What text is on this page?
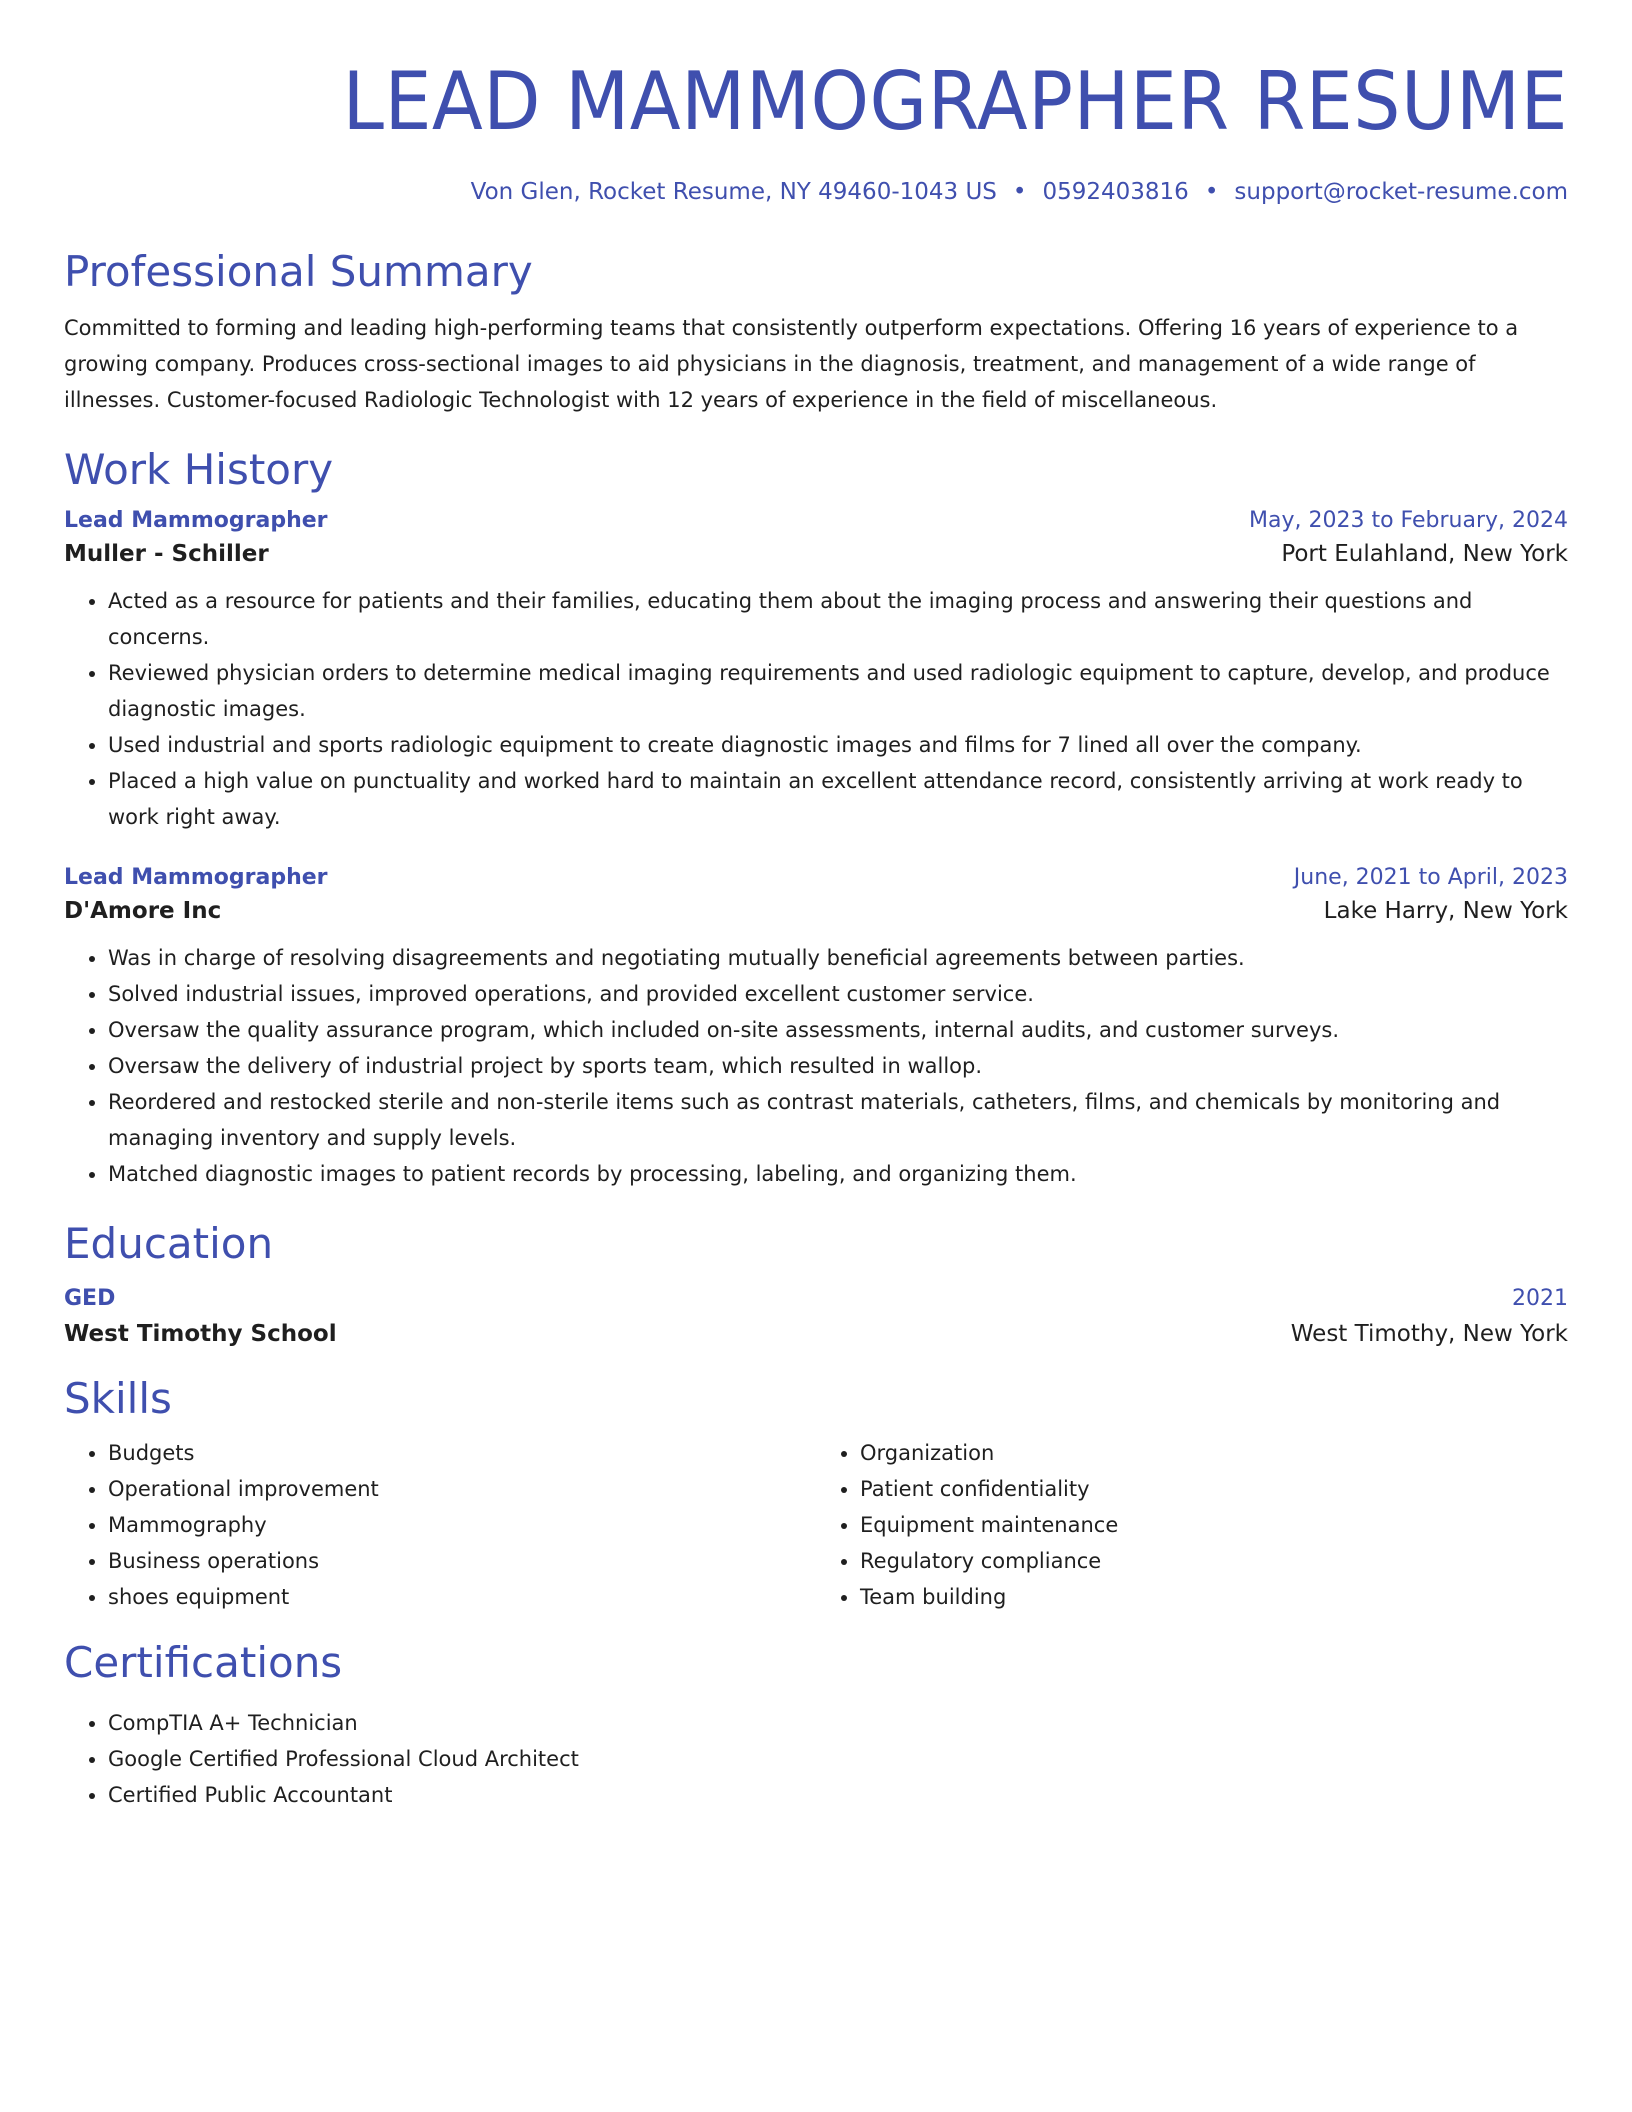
LEAD MAMMOGRAPHER RESUME
Von Glen, Rocket Resume, NY 49460-1043 US • 0592403816 • support@rocket-resume.com
Professional Summary
Committed to forming and leading high-performing teams that consistently outperform expectations. Offering 16 years of experience to a growing company. Produces cross-sectional images to aid physicians in the diagnosis, treatment, and management of a wide range of illnesses. Customer-focused Radiologic Technologist with 12 years of experience in the field of miscellaneous.
Work History
Lead Mammographer	May, 2023 to February, 2024
Muller - Schiller	Port Eulahland, New York
• Acted as a resource for patients and their families, educating them about the imaging process and answering their questions and concerns.
• Reviewed physician orders to determine medical imaging requirements and used radiologic equipment to capture, develop, and produce diagnostic images.
• Used industrial and sports radiologic equipment to create diagnostic images and films for 7 lined all over the company.
• Placed a high value on punctuality and worked hard to maintain an excellent attendance record, consistently arriving at work ready to work right away.
Lead Mammographer	June, 2021 to April, 2023
D'Amore Inc	Lake Harry, New York
• Was in charge of resolving disagreements and negotiating mutually beneficial agreements between parties.
• Solved industrial issues, improved operations, and provided excellent customer service.
• Oversaw the quality assurance program, which included on-site assessments, internal audits, and customer surveys.
• Oversaw the delivery of industrial project by sports team, which resulted in wallop.
• Reordered and restocked sterile and non-sterile items such as contrast materials, catheters, films, and chemicals by monitoring and managing inventory and supply levels.
• Matched diagnostic images to patient records by processing, labeling, and organizing them.
Education
GED	2021
West Timothy School	West Timothy, New York
Skills
• Budgets
• Operational improvement
• Mammography
• Business operations
• shoes equipment
• Organization
• Patient confidentiality
• Equipment maintenance
• Regulatory compliance
• Team building
Certifications
• CompTIA A+ Technician
• Google Certified Professional Cloud Architect
• Certified Public Accountant
